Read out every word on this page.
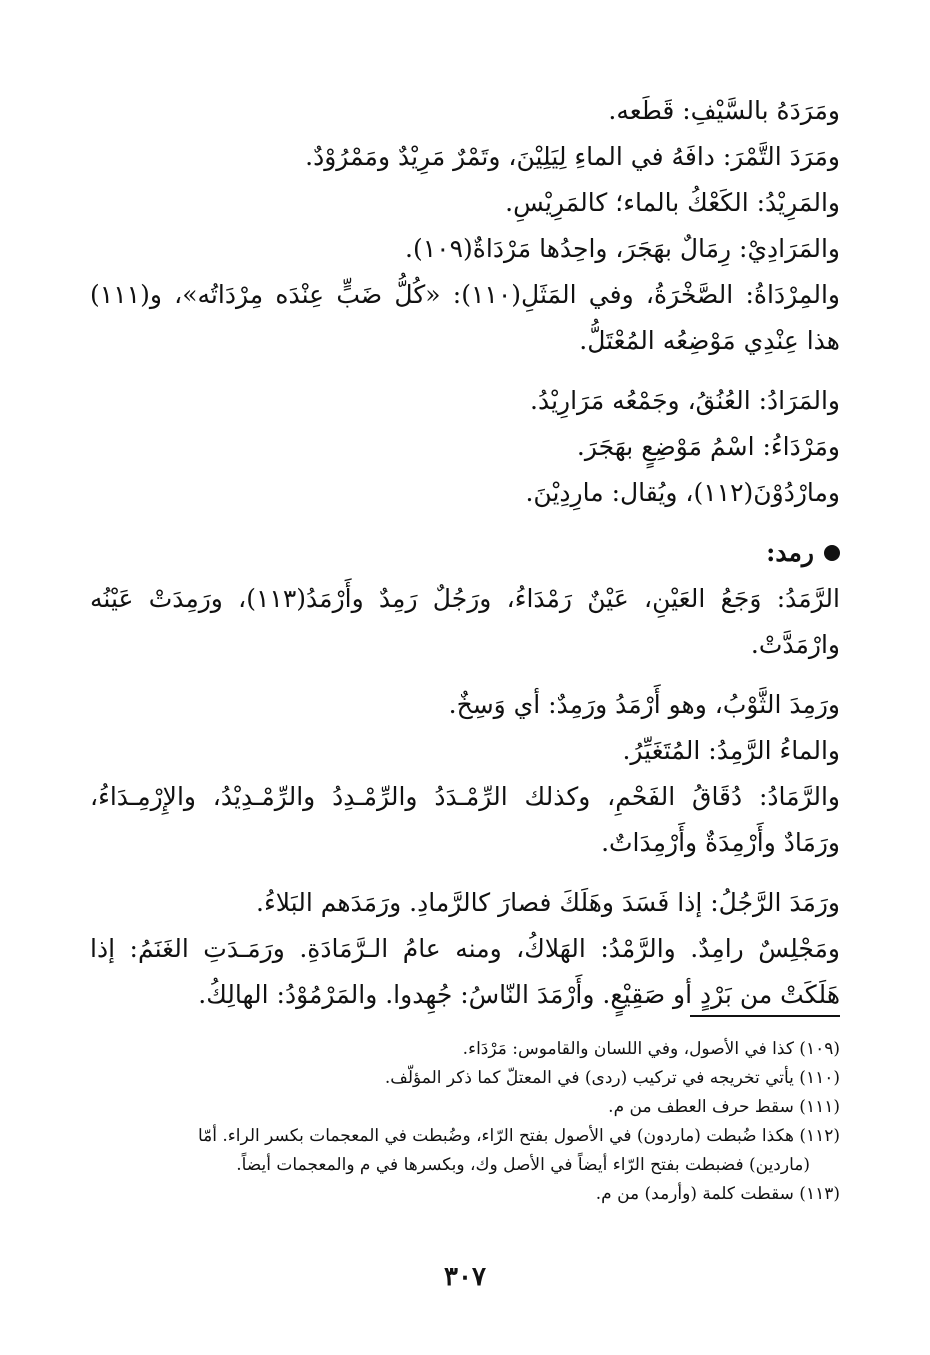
ومَرَدَهُ بالسَّيْفِ: قَطَعه.
ومَرَدَ التَّمْرَ: دافَهُ في الماءِ لِيَلِيْنَ، وتَمْرٌ مَرِيْدٌ ومَمْرُوْدٌ.
والمَرِيْدُ: الكَعْكُ بالماء؛ كالمَرِيْسِ.
والمَرَادِيْ: رِمَالٌ بهَجَرَ، واحِدُها مَرْدَاةٌ(١٠٩).
والمِرْدَاةُ: الصَّخْرَةُ، وفي المَثَلِ(١١٠): «كُلُّ ضَبٍّ عِنْدَه مِرْدَاتُه»، و(١١١)
هذا عِنْدِي مَوْضِعُه المُعْتَلُّ.
والمَرَادُ: العُنُقُ، وجَمْعُه مَرَارِيْدُ.
ومَرْدَاءُ: اسْمُ مَوْضِعٍ بهَجَرَ.
ومارْدُوْنَ(١١٢)، ويُقال: مارِدِيْنَ.
رمد:
الرَّمَدُ: وَجَعُ العَيْنِ، عَيْنٌ رَمْدَاءُ، ورَجُلٌ رَمِدٌ وأَرْمَدُ(١١٣)، ورَمِدَتْ عَيْنُه
وارْمَدَّتْ.
ورَمِدَ الثَّوْبُ، وهو أَرْمَدُ ورَمِدٌ: أي وَسِخٌ.
والماءُ الرَّمِدُ: المُتَغَيِّرُ.
والرَّمَادُ: دُقَاقُ الفَحْمِ، وكذلك الرِّمْـدَدُ والرِّمْـدِدُ والرِّمْـدِيْدُ، والإِرْمِـدَاءُ،
ورَمَادٌ وأَرْمِدَةٌ وأَرْمِدَاتٌ.
ورَمَدَ الرَّجُلُ: إذا فَسَدَ وهَلَكَ فصارَ كالرَّمادِ. ورَمَدَهم البَلاءُ.
ومَجْلِسٌ رامِدٌ. والرَّمْدُ: الهَلاكُ، ومنه عامُ الـرَّمَادَةِ. ورَمَـدَتِ الغَنَمُ: إذا
هَلَكَتْ من بَرْدٍ أو صَقِيْعٍ. وأَرْمَدَ النّاسُ: جُهِدوا. والمَرْمُوْدُ: الهالِكُ.
(١٠٩) كذا في الأصول، وفي اللسان والقاموس: مَرْدَاء.
(١١٠) يأتي تخريجه في تركيب (ردى) في المعتلّ كما ذكر المؤلّف.
(١١١) سقط حرف العطف من م.
(١١٢) هكذا ضُبطت (ماردون) في الأصول بفتح الرّاء، وضُبطت في المعجمات بكسر الراء. أمّا
(ماردين) فضبطت بفتح الرّاء أيضاً في الأصل وك، وبكسرها في م والمعجمات أيضاً.
(١١٣) سقطت كلمة (وأرمد) من م.
٣٠٧
